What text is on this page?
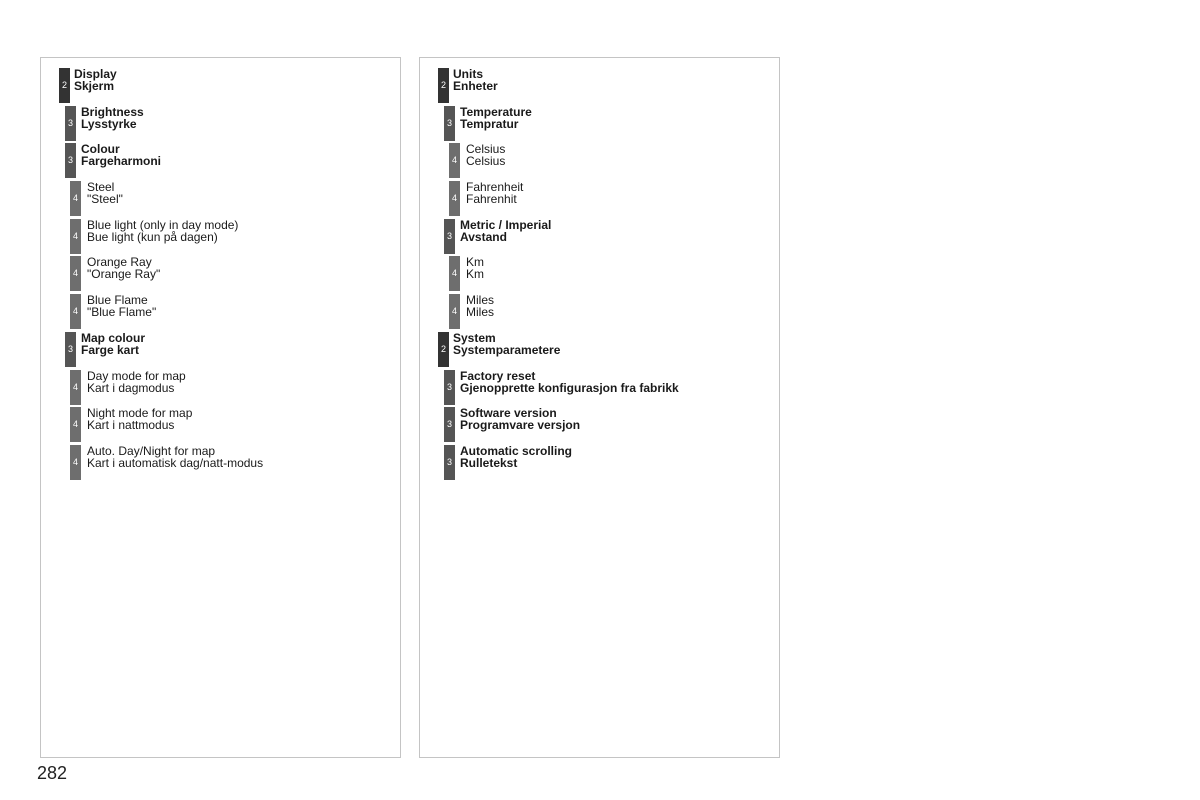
2
Display
Skjerm
3
Brightness
Lysstyrke
3
Colour
Fargeharmoni
4
Steel
"Steel"
4
Blue light (only in day mode)
Bue light (kun på dagen)
4
Orange Ray
"Orange Ray"
4
Blue Flame
"Blue Flame"
3
Map colour
Farge kart
4
Day mode for map
Kart i dagmodus
4
Night mode for map
Kart i nattmodus
4
Auto. Day/Night for map
Kart i automatisk dag/natt-modus
2
Units
Enheter
3
Temperature
Tempratur
4
Celsius
Celsius
4
Fahrenheit
Fahrenhit
3
Metric / Imperial
Avstand
4
Km
Km
4
Miles
Miles
2
System
Systemparametere
3
Factory reset
Gjenopprette konfigurasjon fra fabrikk
3
Software version
Programvare versjon
3
Automatic scrolling
Rulletekst
282
